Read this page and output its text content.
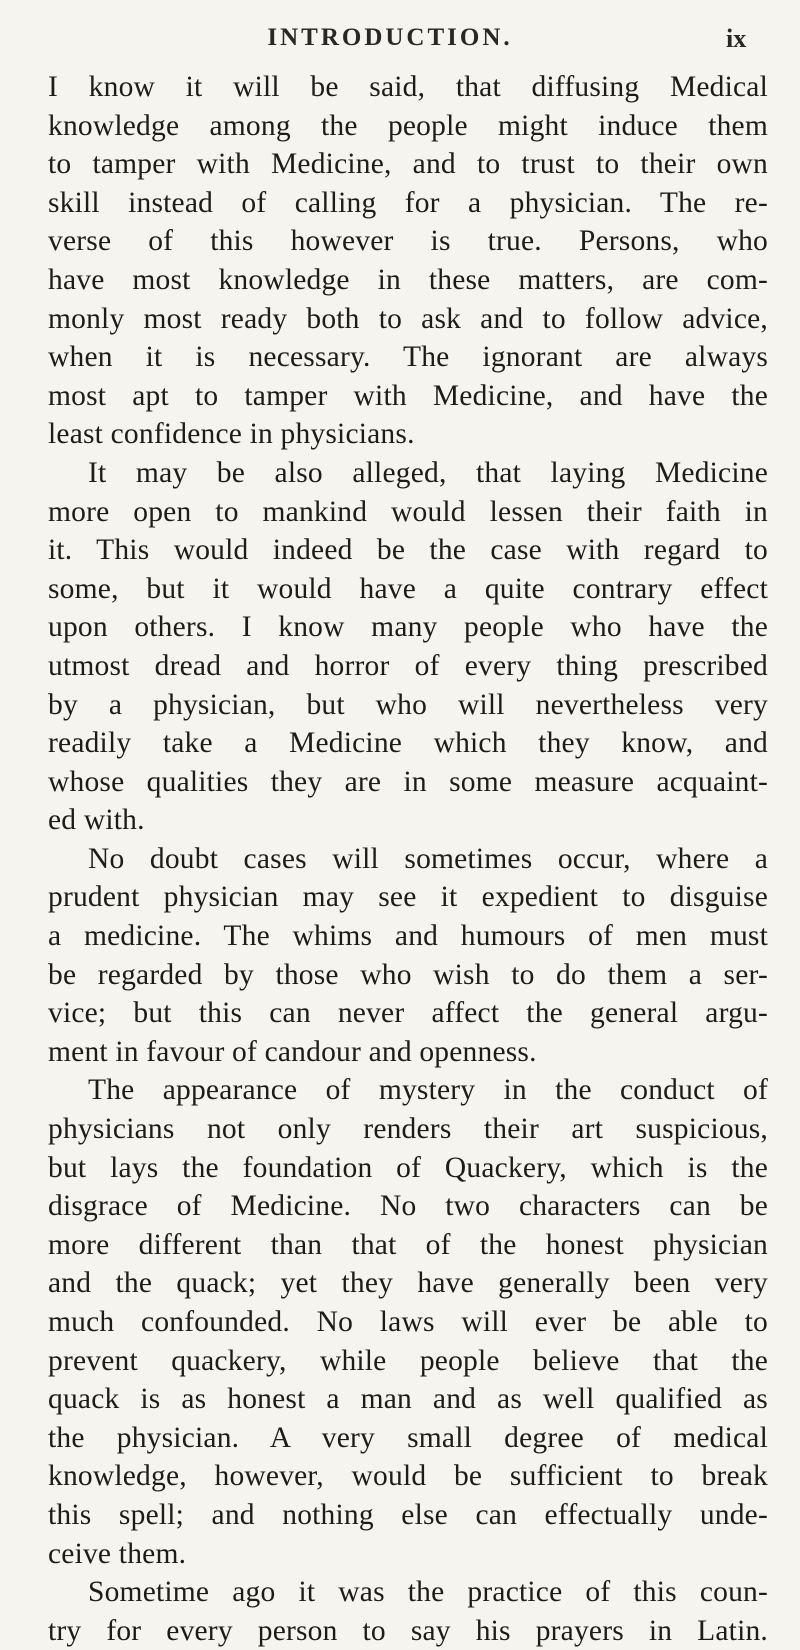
INTRODUCTION.	ix
I know it will be said, that diffusing Medical
knowledge among the people might induce them
to tamper with Medicine, and to trust to their own
skill instead of calling for a physician. The re-
verse of this however is true. Persons, who
have most knowledge in these matters, are com-
monly most ready both to ask and to follow advice,
when it is necessary. The ignorant are always
most apt to tamper with Medicine, and have the
least confidence in physicians.
It may be also alleged, that laying Medicine
more open to mankind would lessen their faith in
it. This would indeed be the case with regard to
some, but it would have a quite contrary effect
upon others. I know many people who have the
utmost dread and horror of every thing prescribed
by a physician, but who will nevertheless very
readily take a Medicine which they know, and
whose qualities they are in some measure acquaint-
ed with.
No doubt cases will sometimes occur, where a
prudent physician may see it expedient to disguise
a medicine. The whims and humours of men must
be regarded by those who wish to do them a ser-
vice; but this can never affect the general argu-
ment in favour of candour and openness.
The appearance of mystery in the conduct of
physicians not only renders their art suspicious,
but lays the foundation of Quackery, which is the
disgrace of Medicine. No two characters can be
more different than that of the honest physician
and the quack; yet they have generally been very
much confounded. No laws will ever be able to
prevent quackery, while people believe that the
quack is as honest a man and as well qualified as
the physician. A very small degree of medical
knowledge, however, would be sufficient to break
this spell; and nothing else can effectually unde-
ceive them.
Sometime ago it was the practice of this coun-
try for every person to say his prayers in Latin.
